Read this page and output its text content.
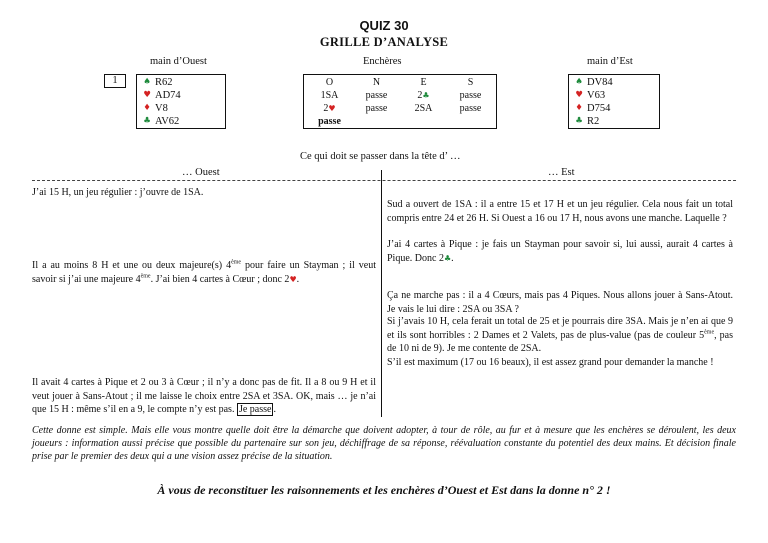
QUIZ 30
GRILLE D’ANALYSE
main d’Ouest	Enchères	main d’Est
1	♠ R62
♥ AD74
♦ V8
♣ AV62
O	N	E	S
1SA	passe	2♣	passe
2♥	passe	2SA	passe
passe			
♠ DV84
♥ V63
♦ D754
♣ R2
Ce qui doit se passer dans la tête d’ …
… Ouest	… Est
J’ai 15 H, un jeu régulier : j’ouvre de 1SA.
Il a au moins 8 H et une ou deux majeure(s) 4ème pour faire un Stayman ; il veut savoir si j’ai une majeure 4ème. J’ai bien 4 cartes à Cœur ; donc 2♥.
Il avait 4 cartes à Pique et 2 ou 3 à Cœur ; il n’y a donc pas de fit. Il a 8 ou 9 H et il veut jouer à Sans-Atout ; il me laisse le choix entre 2SA et 3SA. OK, mais … je n’ai que 15 H : même s’il en a 9, le compte n’y est pas. Je passe .
Sud a ouvert de 1SA : il a entre 15 et 17 H et un jeu régulier. Cela nous fait un total compris entre 24 et 26 H. Si Ouest a 16 ou 17 H, nous avons une manche. Laquelle ?
J’ai 4 cartes à Pique : je fais un Stayman pour savoir si, lui aussi, aurait 4 cartes à Pique. Donc 2♣.
Ça ne marche pas : il a 4 Cœurs, mais pas 4 Piques. Nous allons jouer à Sans-Atout. Je vais le lui dire : 2SA ou 3SA ?
Si j’avais 10 H, cela ferait un total de 25 et je pourrais dire 3SA. Mais je n’en ai que 9 et ils sont horribles : 2 Dames et 2 Valets, pas de plus-value (pas de couleur 5ème, pas de 10 ni de 9). Je me contente de 2SA.
S’il est maximum (17 ou 16 beaux), il est assez grand pour demander la manche !
Cette donne est simple. Mais elle vous montre quelle doit être la démarche que doivent adopter, à tour de rôle, au fur et à mesure que les enchères se déroulent, les deux joueurs : information aussi précise que possible du partenaire sur son jeu, déchiffrage de sa réponse, réévaluation constante du potentiel des deux mains. Et décision finale prise par le premier des deux qui a une vision assez précise de la situation.
À vous de reconstituer les raisonnements et les enchères d’Ouest et Est dans la donne n° 2 !
